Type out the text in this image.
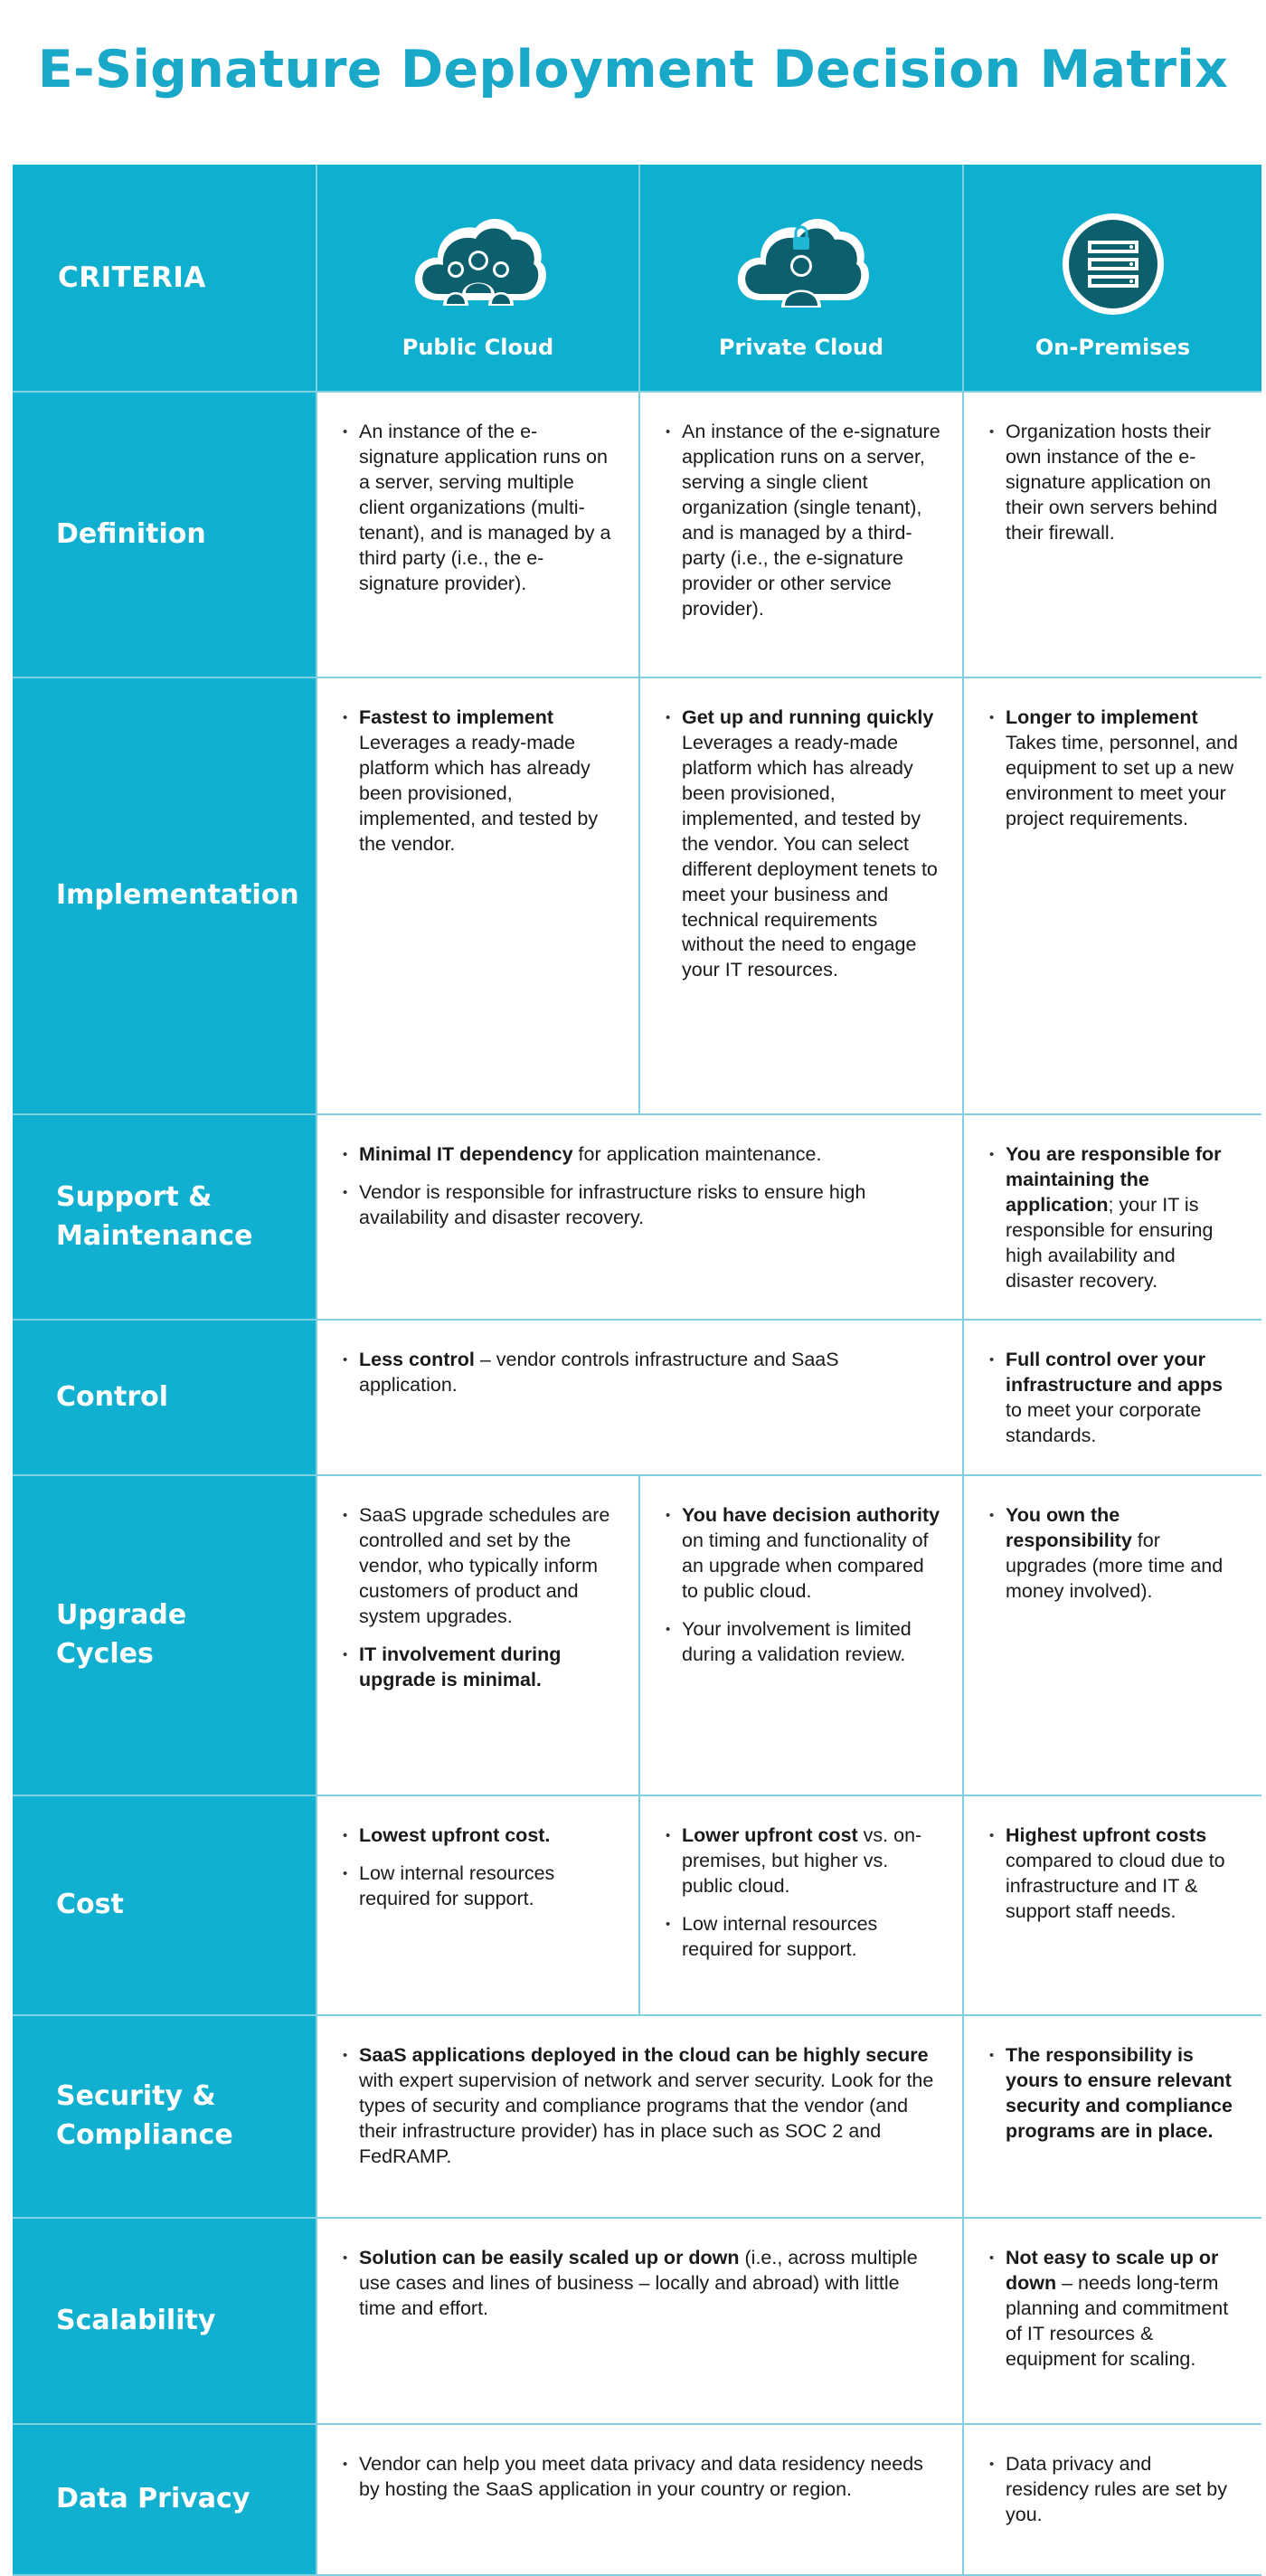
E-Signature Deployment Decision Matrix
CRITERIA
Public Cloud	Private Cloud	On-Premises
Definition
• An instance of the e-signature application runs on a server, serving multiple client organizations (multi-tenant), and is managed by a third party (i.e., the e-signature provider).
• An instance of the e-signature application runs on a server, serving a single client organization (single tenant), and is managed by a third-party (i.e., the e-signature provider or other service provider).
• Organization hosts their own instance of the e-signature application on their own servers behind their firewall.
Implementation
• Fastest to implement
Leverages a ready-made platform which has already been provisioned, implemented, and tested by the vendor.
• Get up and running quickly
Leverages a ready-made platform which has already been provisioned, implemented, and tested by the vendor. You can select different deployment tenets to meet your business and technical requirements without the need to engage your IT resources.
• Longer to implement
Takes time, personnel, and equipment to set up a new environment to meet your project requirements.
Support &
Maintenance
• Minimal IT dependency for application maintenance.
• Vendor is responsible for infrastructure risks to ensure high availability and disaster recovery.
• You are responsible for maintaining the application; your IT is responsible for ensuring high availability and disaster recovery.
Control
• Less control – vendor controls infrastructure and SaaS application.
• Full control over your infrastructure and apps to meet your corporate standards.
Upgrade
Cycles
• SaaS upgrade schedules are controlled and set by the vendor, who typically inform customers of product and system upgrades.
• IT involvement during upgrade is minimal.
• You have decision authority on timing and functionality of an upgrade when compared to public cloud.
• Your involvement is limited during a validation review.
• You own the responsibility for upgrades (more time and money involved).
Cost
• Lowest upfront cost.
• Low internal resources required for support.
• Lower upfront cost vs. on-premises, but higher vs. public cloud.
• Low internal resources required for support.
• Highest upfront costs compared to cloud due to infrastructure and IT & support staff needs.
Security &
Compliance
• SaaS applications deployed in the cloud can be highly secure with expert supervision of network and server security. Look for the types of security and compliance programs that the vendor (and their infrastructure provider) has in place such as SOC 2 and FedRAMP.
• The responsibility is yours to ensure relevant security and compliance programs are in place.
Scalability
• Solution can be easily scaled up or down (i.e., across multiple use cases and lines of business – locally and abroad) with little time and effort.
• Not easy to scale up or down – needs long-term planning and commitment of IT resources & equipment for scaling.
Data Privacy
• Vendor can help you meet data privacy and data residency needs by hosting the SaaS application in your country or region.
• Data privacy and residency rules are set by you.
